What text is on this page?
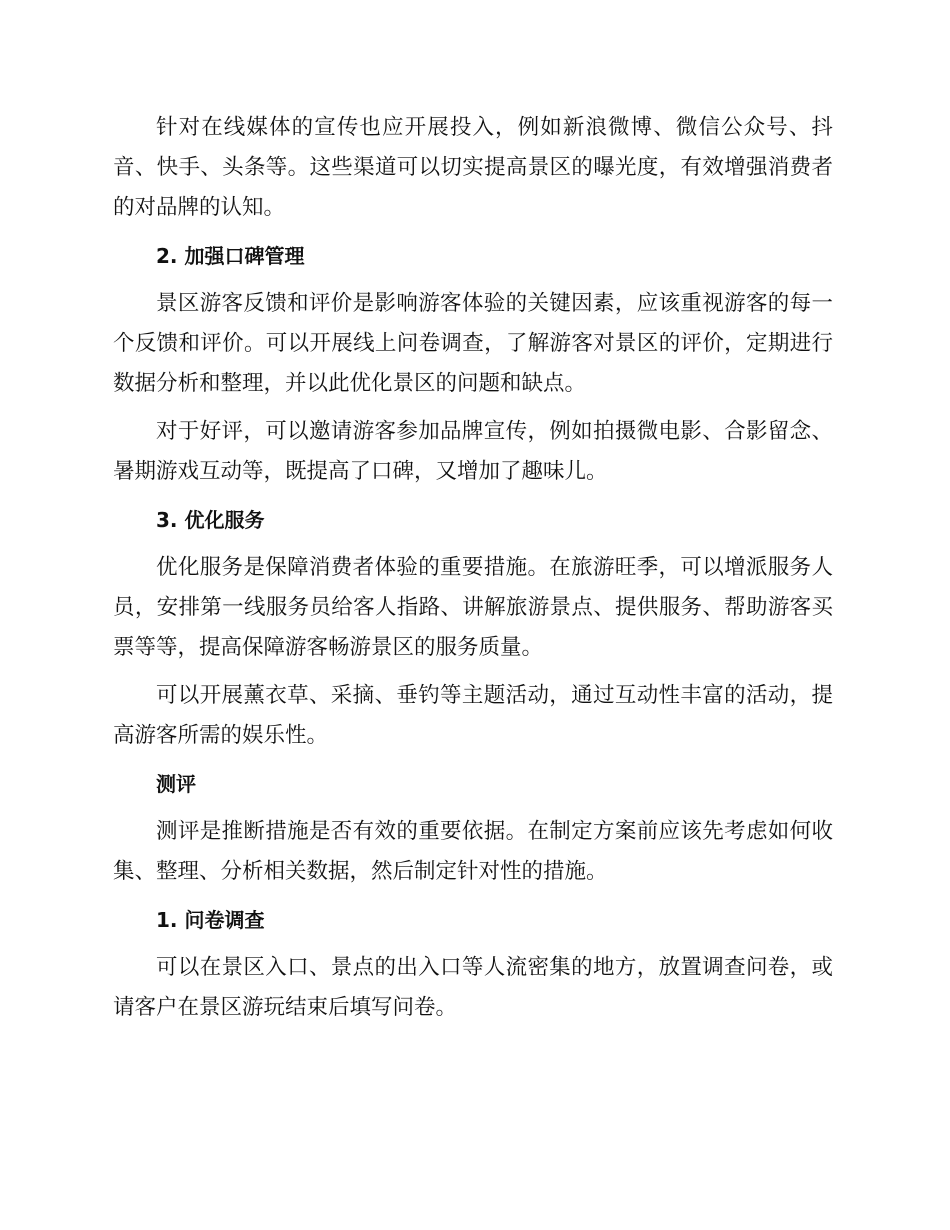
针对在线媒体的宣传也应开展投入，例如新浪微博、微信公众号、抖音、快手、头条等。这些渠道可以切实提高景区的曝光度，有效增强消费者的对品牌的认知。

2. 加强口碑管理

景区游客反馈和评价是影响游客体验的关键因素，应该重视游客的每一个反馈和评价。可以开展线上问卷调查，了解游客对景区的评价，定期进行数据分析和整理，并以此优化景区的问题和缺点。

对于好评，可以邀请游客参加品牌宣传，例如拍摄微电影、合影留念、暑期游戏互动等，既提高了口碑，又增加了趣味儿。

3. 优化服务

优化服务是保障消费者体验的重要措施。在旅游旺季，可以增派服务人员，安排第一线服务员给客人指路、讲解旅游景点、提供服务、帮助游客买票等等，提高保障游客畅游景区的服务质量。

可以开展薰衣草、采摘、垂钓等主题活动，通过互动性丰富的活动，提高游客所需的娱乐性。

测评

测评是推断措施是否有效的重要依据。在制定方案前应该先考虑如何收集、整理、分析相关数据，然后制定针对性的措施。

1. 问卷调查

可以在景区入口、景点的出入口等人流密集的地方，放置调查问卷，或请客户在景区游玩结束后填写问卷。
